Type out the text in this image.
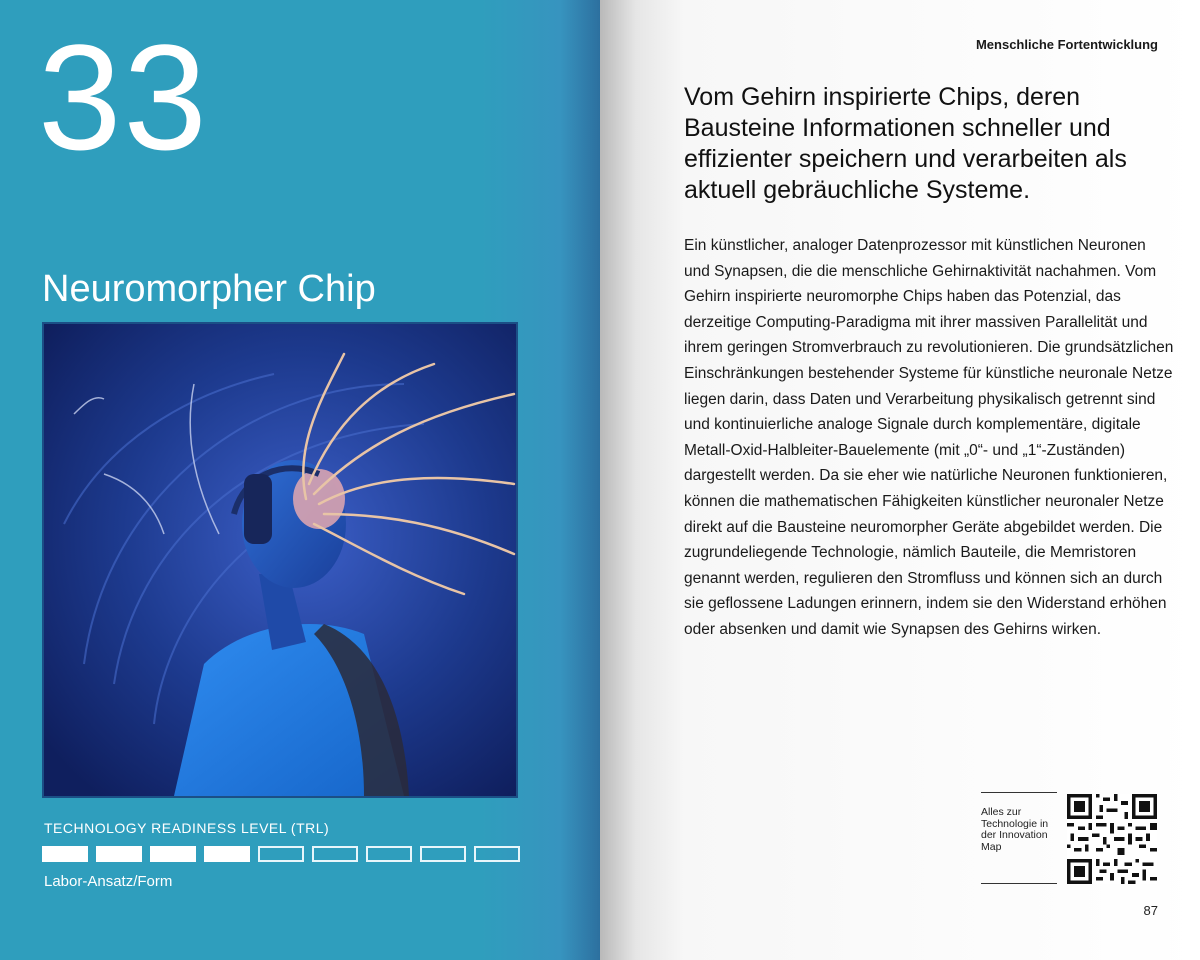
33
Neuromorpher Chip
TECHNOLOGY READINESS LEVEL (TRL)
Labor-Ansatz/Form
Menschliche Fortentwicklung

Vom Gehirn inspirierte Chips, deren Bausteine Informationen schneller und effizienter speichern und verarbeiten als aktuell gebräuchliche Systeme.

Ein künstlicher, analoger Datenprozessor mit künstlichen Neuronen und Synapsen, die die menschliche Gehirnaktivität nachahmen. Vom Gehirn inspirierte neuromorphe Chips haben das Potenzial, das derzeitige Computing-Paradigma mit ihrer massiven Parallelität und ihrem geringen Stromverbrauch zu revolutionieren. Die grundsätzlichen Einschränkungen bestehender Systeme für künstliche neuronale Netze liegen darin, dass Daten und Verarbeitung physikalisch getrennt sind und kontinuierliche analoge Signale durch komplementäre, digitale Metall-Oxid-Halbleiter-Bauelemente (mit „0“- und „1“-Zuständen) dargestellt werden. Da sie eher wie natürliche Neuronen funktionieren, können die mathematischen Fähigkeiten künstlicher neuronaler Netze direkt auf die Bausteine neuromorpher Geräte abgebildet werden. Die zugrundeliegende Technologie, nämlich Bauteile, die Memristoren genannt werden, regulieren den Stromfluss und können sich an durch sie geflossene Ladungen erinnern, indem sie den Widerstand erhöhen oder absenken und damit wie Synapsen des Gehirns wirken.

Alles zur Technologie in der Innovation Map
87
